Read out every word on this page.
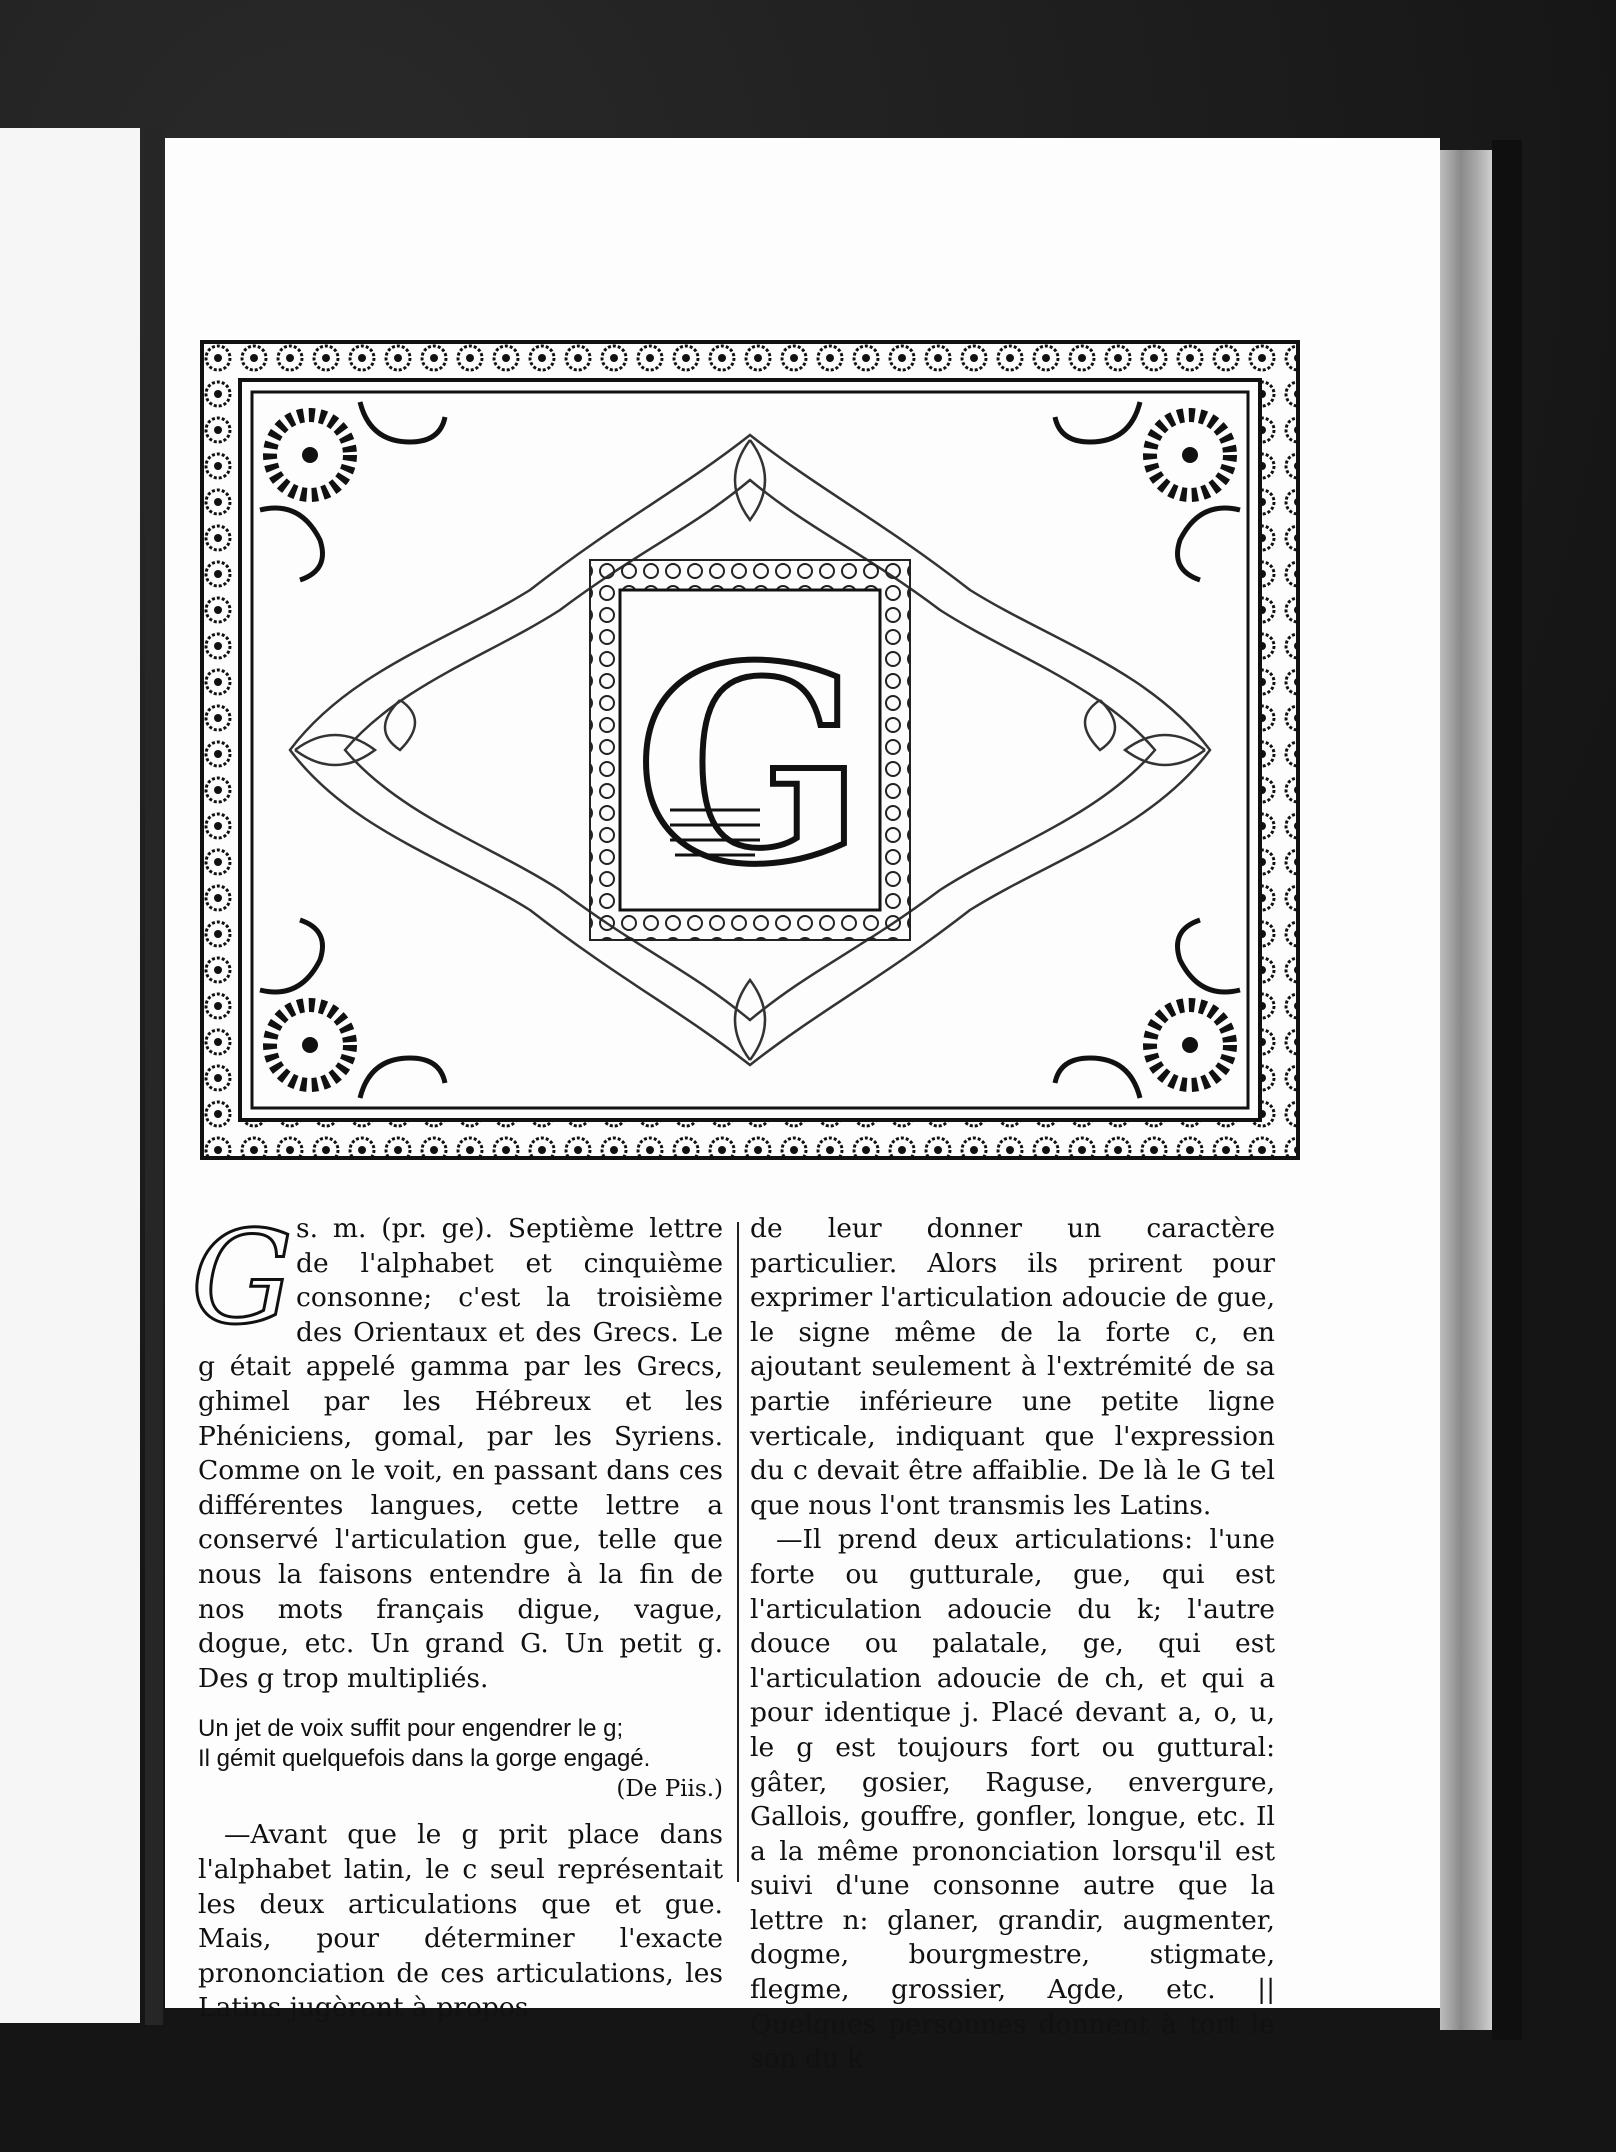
G
G s. m. (pr. ge). Septième lettre de l'alphabet et cinquième consonne; c'est la troisième des Orientaux et des Grecs. Le g était appelé gamma par les Grecs, ghimel par les Hébreux et les Phéniciens, gomal, par les Syriens. Comme on le voit, en passant dans ces différentes langues, cette lettre a conservé l'articulation gue, telle que nous la faisons entendre à la fin de nos mots français digue, vague, dogue, etc. Un grand G. Un petit g. Des g trop multipliés.

Un jet de voix suffit pour engendrer le g;
Il gémit quelquefois dans la gorge engagé.
(De Piis.)

—Avant que le g prit place dans l'alphabet latin, le c seul représentait les deux articulations que et gue. Mais, pour déterminer l'exacte prononciation de ces articulations, les Latins jugèrent à propos

de leur donner un caractère particulier. Alors ils prirent pour exprimer l'articulation adoucie de gue, le signe même de la forte c, en ajoutant seulement à l'extrémité de sa partie inférieure une petite ligne verticale, indiquant que l'expression du c devait être affaiblie. De là le G tel que nous l'ont transmis les Latins.

—Il prend deux articulations: l'une forte ou gutturale, gue, qui est l'articulation adoucie du k; l'autre douce ou palatale, ge, qui est l'articulation adoucie de ch, et qui a pour identique j. Placé devant a, o, u, le g est toujours fort ou guttural: gâter, gosier, Raguse, envergure, Gallois, gouffre, gonfler, longue, etc. Il a la même prononciation lorsqu'il est suivi d'une consonne autre que la lettre n: glaner, grandir, augmenter, dogme, bourgmestre, stigmate, flegme, grossier, Agde, etc. || Quelques personnes donnent à tort le son du k
